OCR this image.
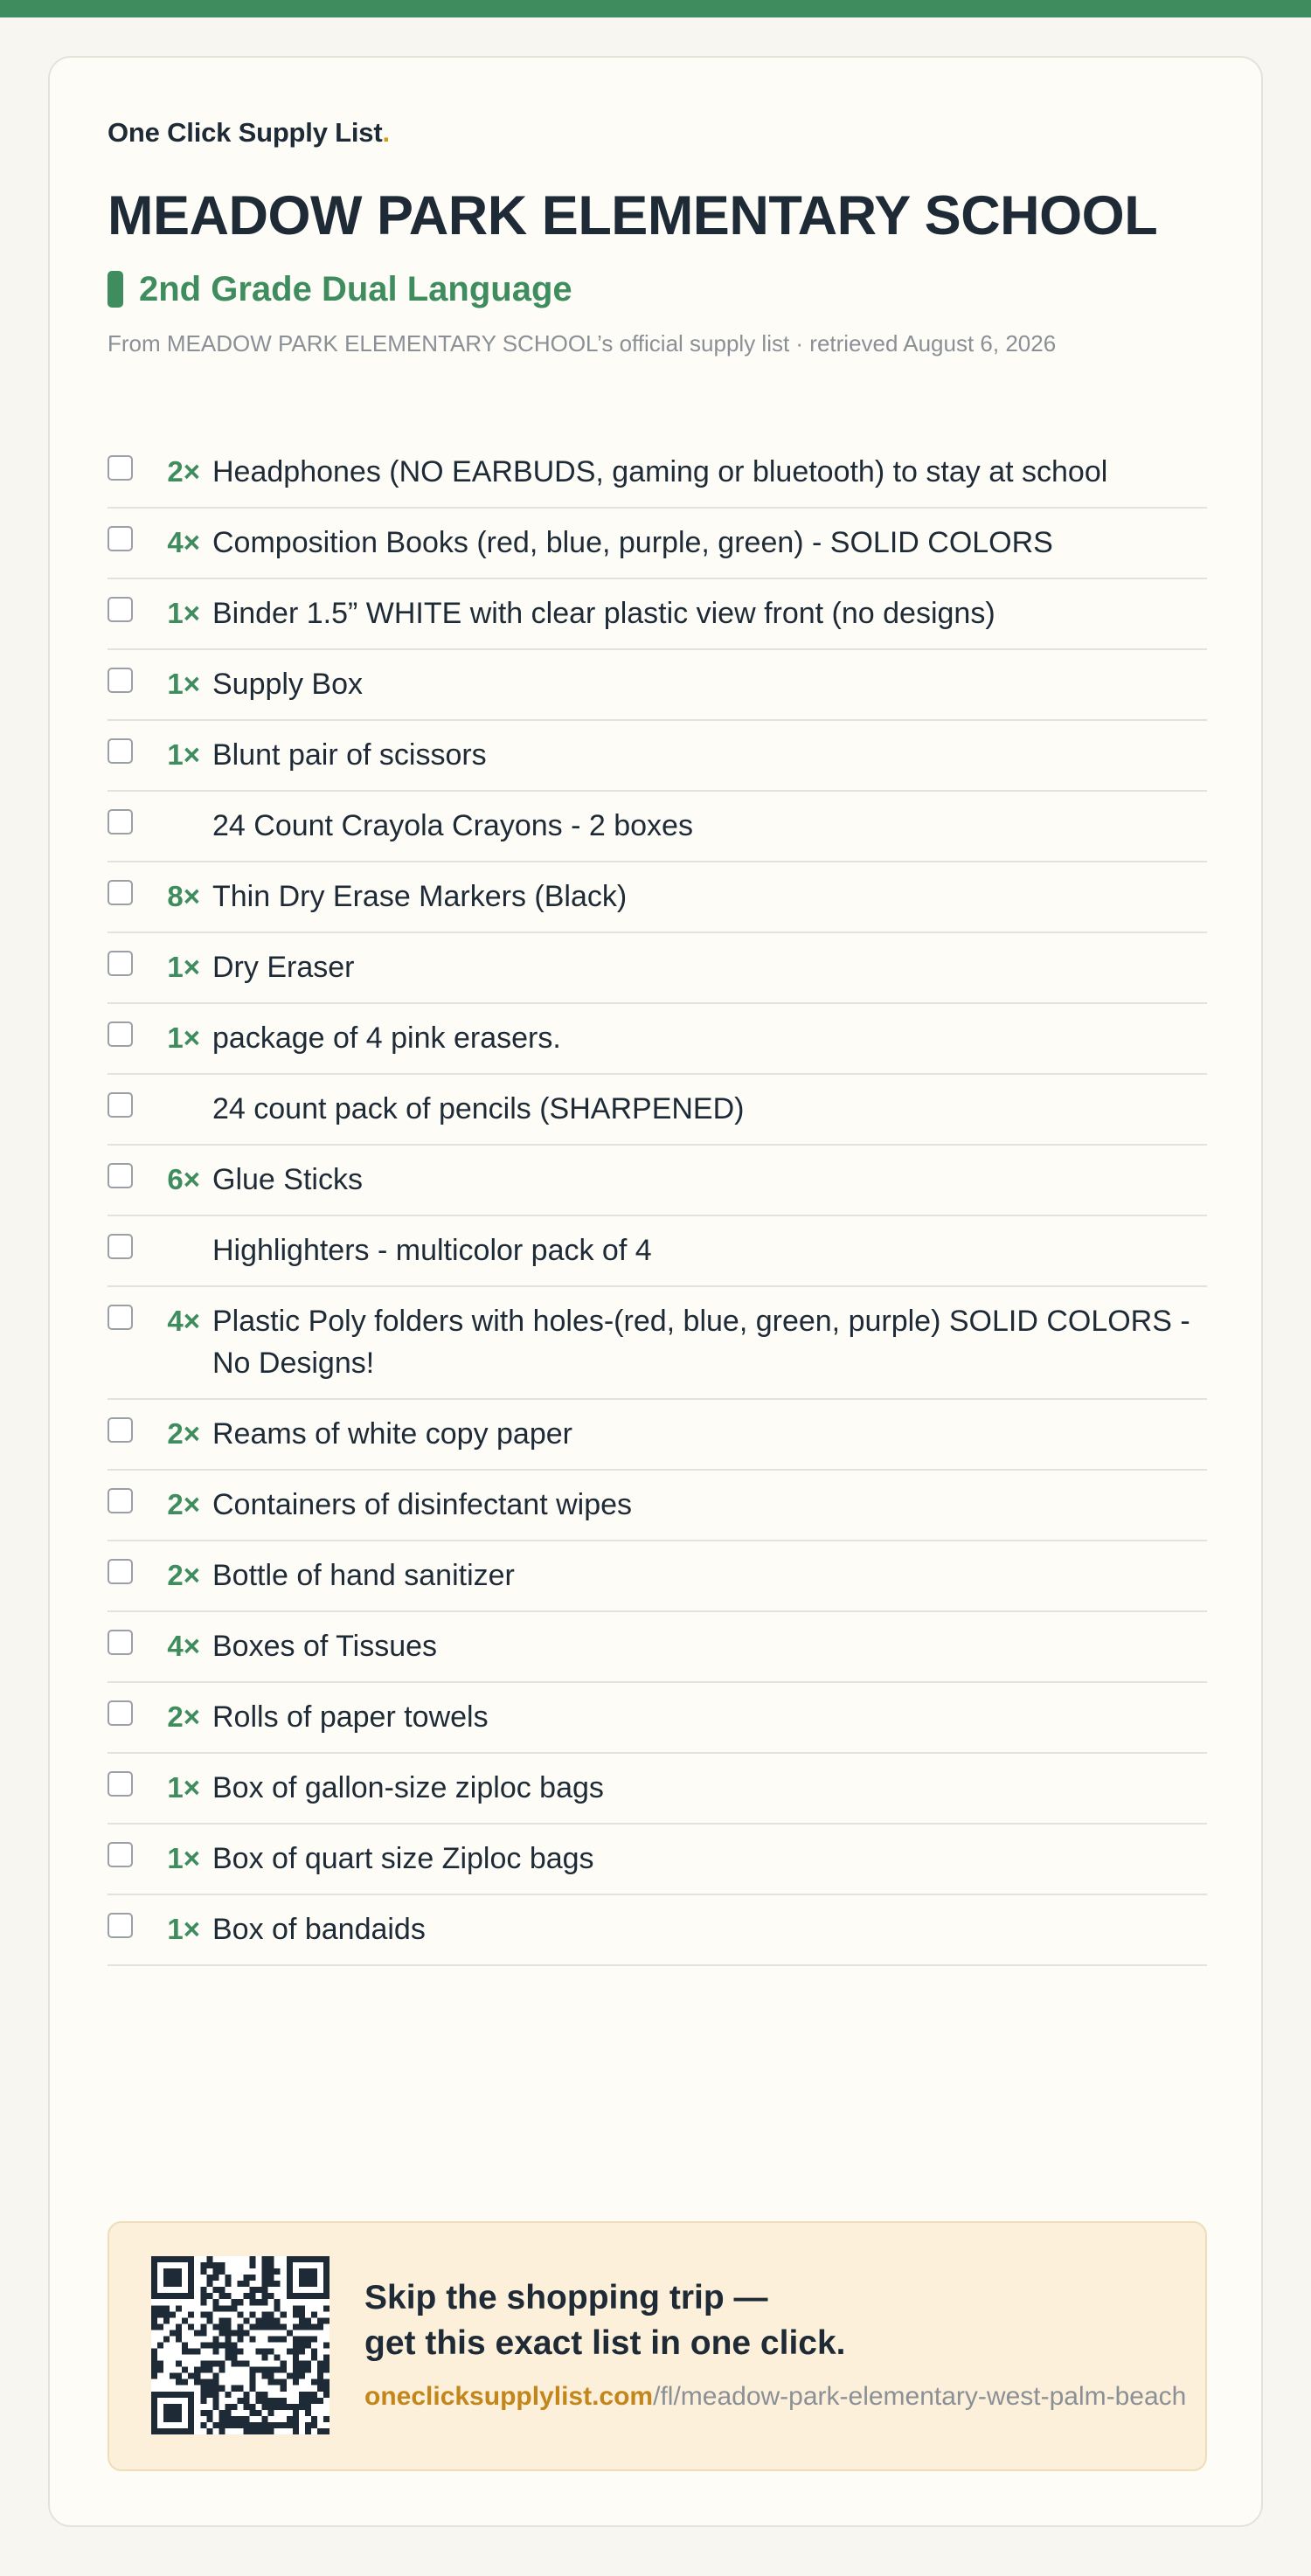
One Click Supply List.
MEADOW PARK ELEMENTARY SCHOOL
2nd Grade Dual Language
From MEADOW PARK ELEMENTARY SCHOOL’s official supply list · retrieved August 6, 2026
2× Headphones (NO EARBUDS, gaming or bluetooth) to stay at school
4× Composition Books (red, blue, purple, green) - SOLID COLORS
1× Binder 1.5” WHITE with clear plastic view front (no designs)
1× Supply Box
1× Blunt pair of scissors
24 Count Crayola Crayons - 2 boxes
8× Thin Dry Erase Markers (Black)
1× Dry Eraser
1× package of 4 pink erasers.
24 count pack of pencils (SHARPENED)
6× Glue Sticks
Highlighters - multicolor pack of 4
4× Plastic Poly folders with holes-(red, blue, green, purple) SOLID COLORS - No Designs!
2× Reams of white copy paper
2× Containers of disinfectant wipes
2× Bottle of hand sanitizer
4× Boxes of Tissues
2× Rolls of paper towels
1× Box of gallon-size ziploc bags
1× Box of quart size Ziploc bags
1× Box of bandaids
Skip the shopping trip —
get this exact list in one click.
oneclicksupplylist.com/fl/meadow-park-elementary-west-palm-beach
